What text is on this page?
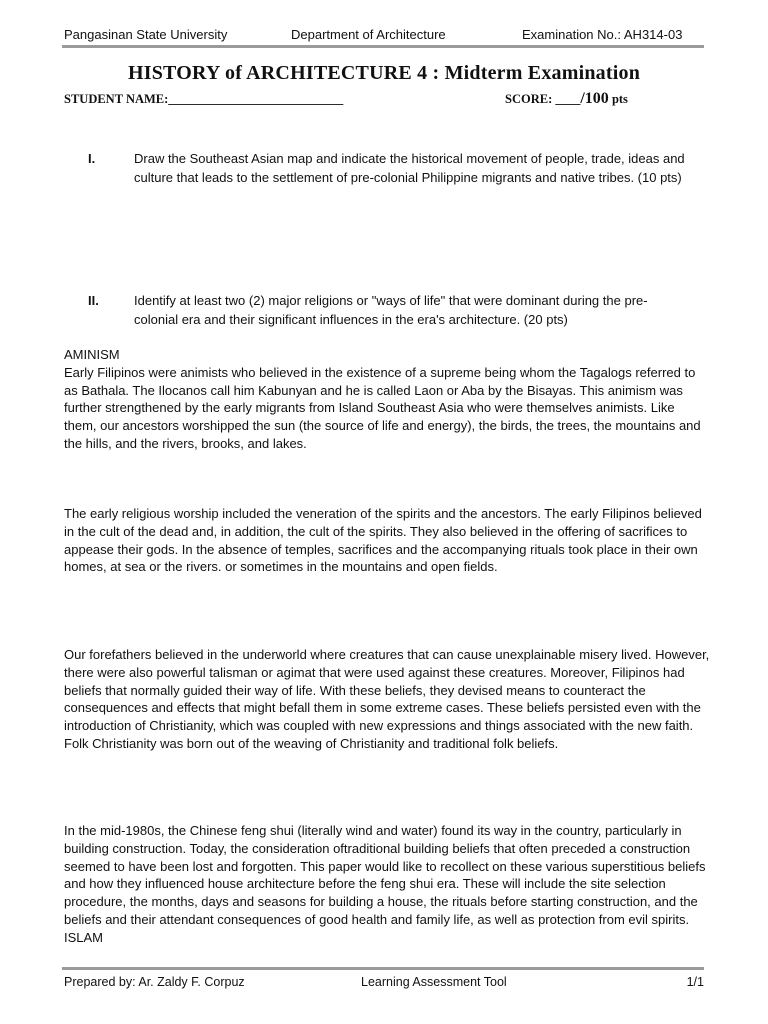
Pangasinan State University	Department of Architecture	Examination No.: AH314-03
HISTORY of ARCHITECTURE 4 : Midterm Examination
STUDENT NAME:____________________________	SCORE: ____/100 pts
I.	Draw the Southeast Asian map and indicate the historical movement of people, trade, ideas and culture that leads to the settlement of pre-colonial Philippine migrants and native tribes. (10 pts)
II.	Identify at least two (2) major religions or "ways of life" that were dominant during the pre-colonial era and their significant influences in the era's architecture. (20 pts)
AMINISM
Early Filipinos were animists who believed in the existence of a supreme being whom the Tagalogs referred to as Bathala. The Ilocanos call him Kabunyan and he is called Laon or Aba by the Bisayas. This animism was further strengthened by the early migrants from Island Southeast Asia who were themselves animists. Like them, our ancestors worshipped the sun (the source of life and energy), the birds, the trees, the mountains and the hills, and the rivers, brooks, and lakes.
The early religious worship included the veneration of the spirits and the ancestors. The early Filipinos believed in the cult of the dead and, in addition, the cult of the spirits. They also believed in the offering of sacrifices to appease their gods. In the absence of temples, sacrifices and the accompanying rituals took place in their own homes, at sea or the rivers. or sometimes in the mountains and open fields.
Our forefathers believed in the underworld where creatures that can cause unexplainable misery lived. However, there were also powerful talisman or agimat that were used against these creatures. Moreover, Filipinos had beliefs that normally guided their way of life. With these beliefs, they devised means to counteract the consequences and effects that might befall them in some extreme cases. These beliefs persisted even with the introduction of Christianity, which was coupled with new expressions and things associated with the new faith. Folk Christianity was born out of the weaving of Christianity and traditional folk beliefs.
In the mid-1980s, the Chinese feng shui (literally wind and water) found its way in the country, particularly in building construction. Today, the consideration oftraditional building beliefs that often preceded a construction seemed to have been lost and forgotten. This paper would like to recollect on these various superstitious beliefs and how they influenced house architecture before the feng shui era. These will include the site selection procedure, the months, days and seasons for building a house, the rituals before starting construction, and the beliefs and their attendant consequences of good health and family life, as well as protection from evil spirits.
ISLAM
Prepared by: Ar. Zaldy F. Corpuz	Learning Assessment Tool	1/1
